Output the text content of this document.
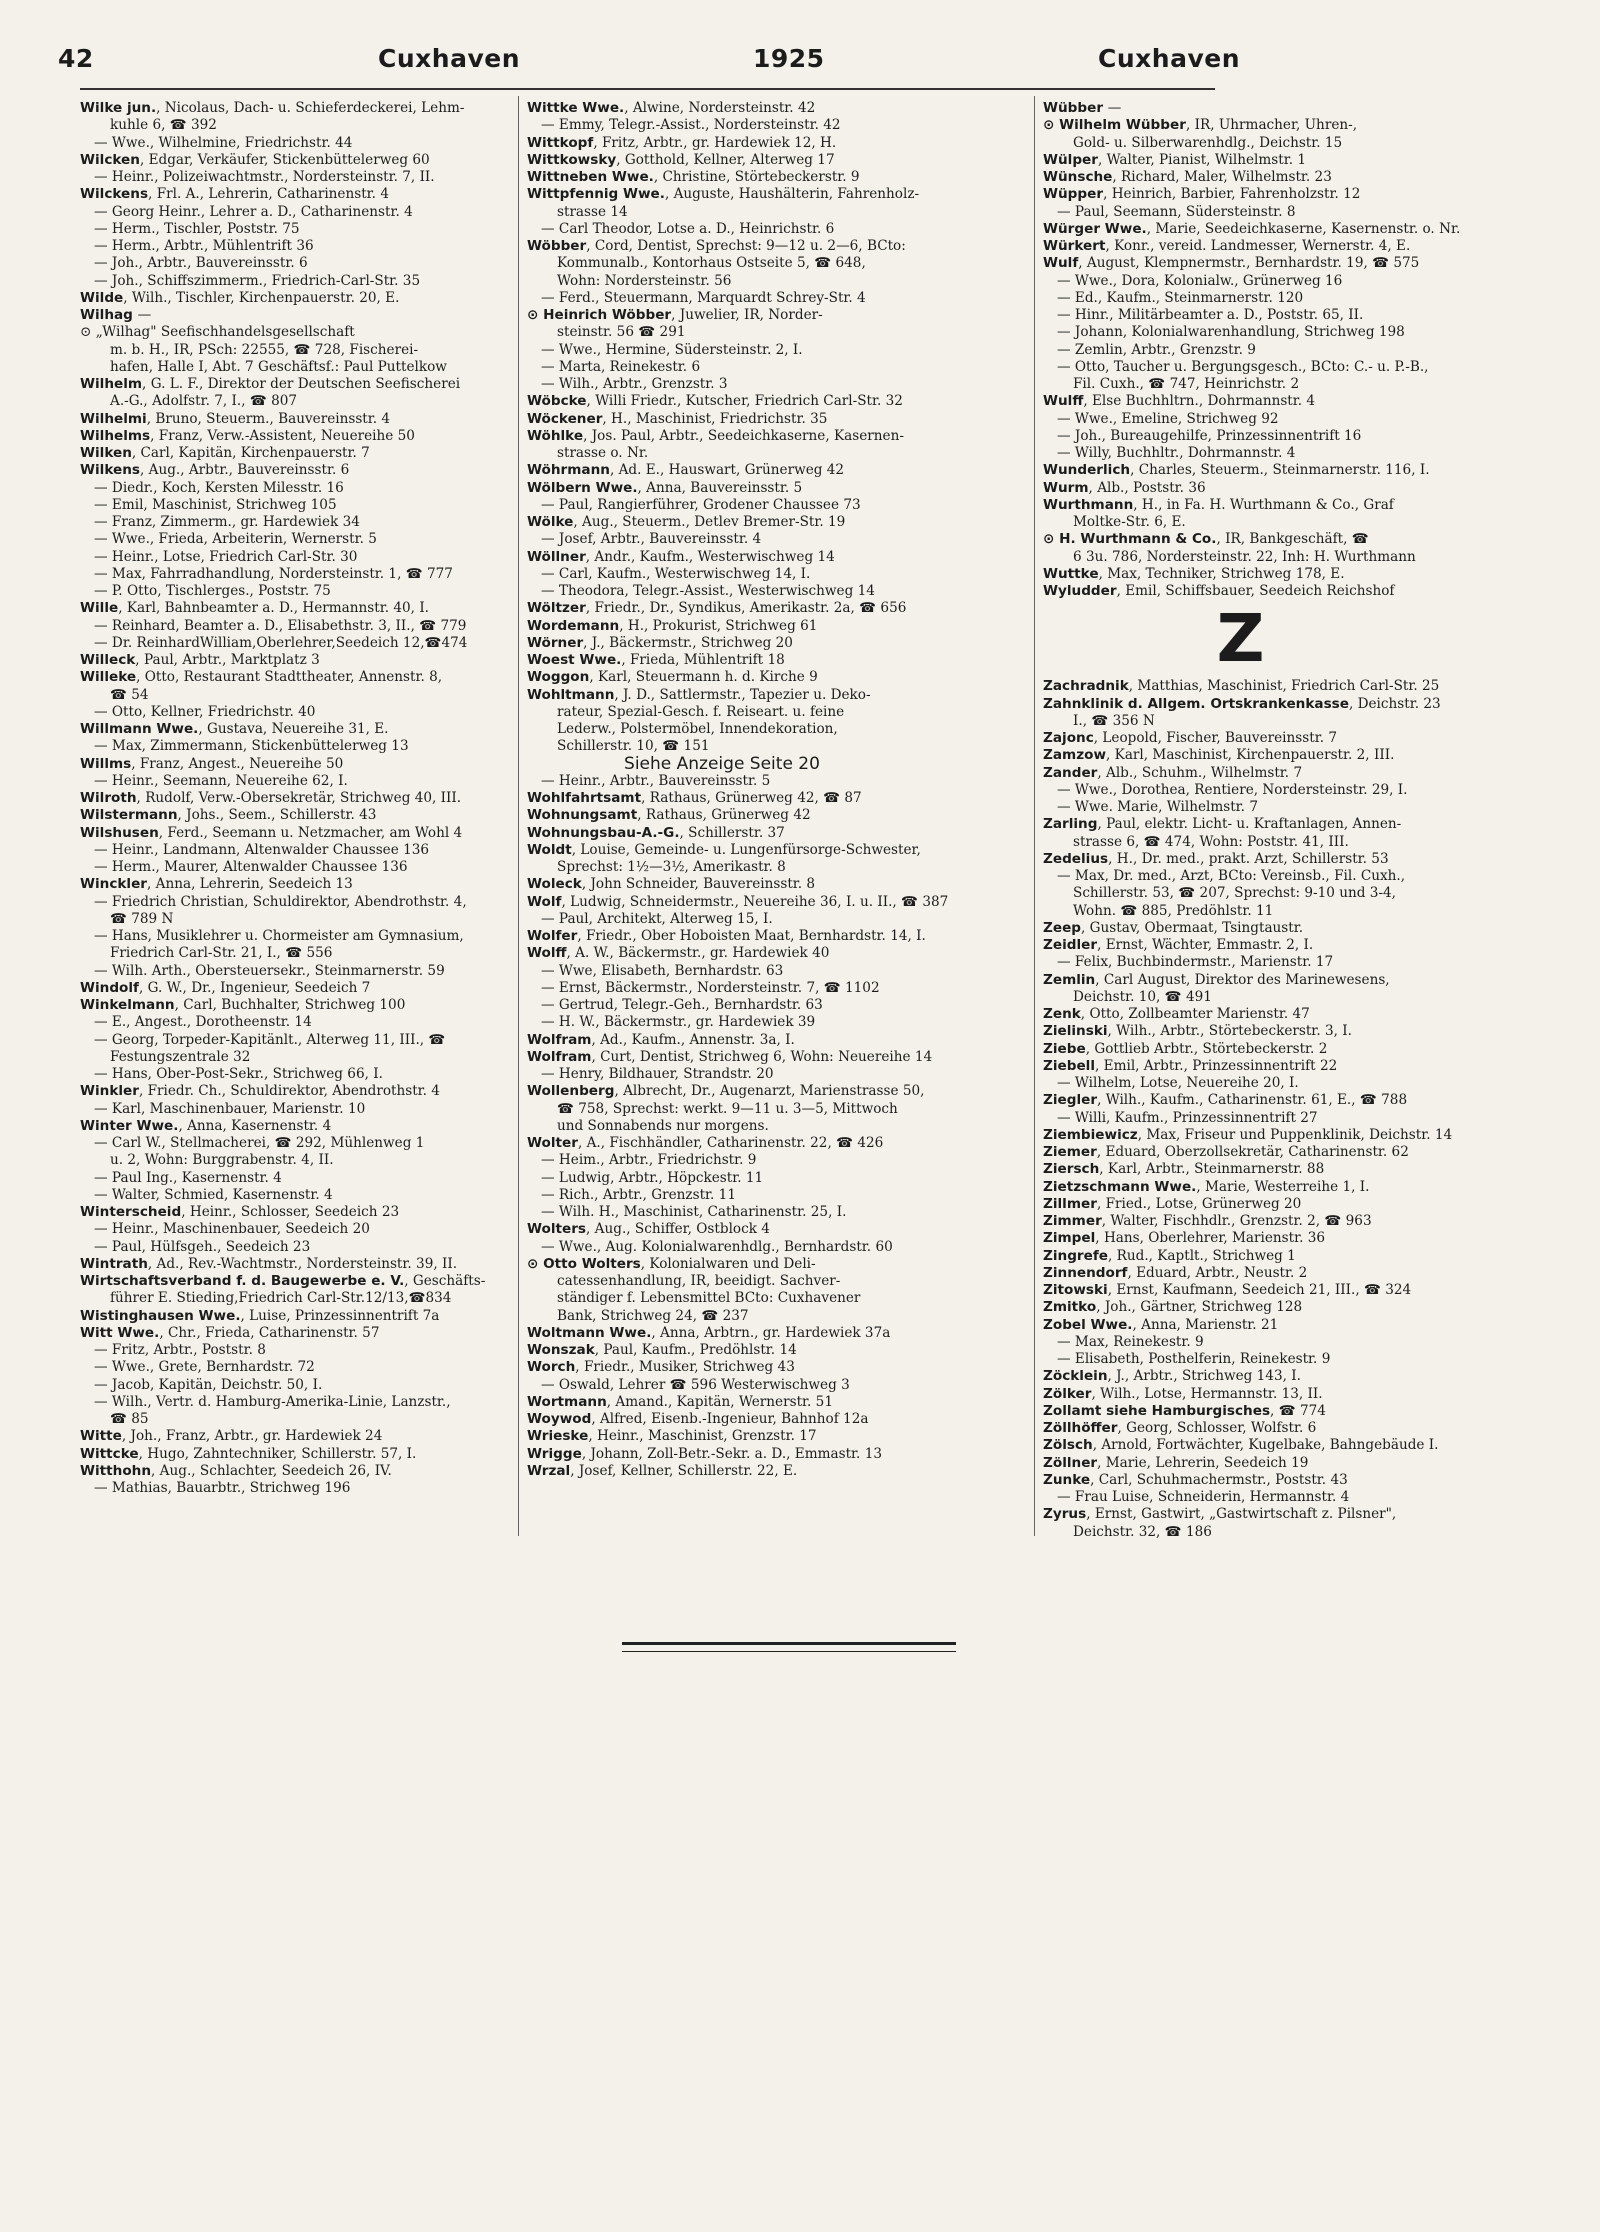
42	Cuxhaven	1925	Cuxhaven
Wilke jun., Nicolaus, Dach- u. Schieferdeckerei, Lehm-
kuhle 6, ☎ 392
— Wwe., Wilhelmine, Friedrichstr. 44
Wilcken, Edgar, Verkäufer, Stickenbüttelerweg 60
— Heinr., Polizeiwachtmstr., Nordersteinstr. 7, II.
Wilckens, Frl. A., Lehrerin, Catharinenstr. 4
— Georg Heinr., Lehrer a. D., Catharinenstr. 4
— Herm., Tischler, Poststr. 75
— Herm., Arbtr., Mühlentrift 36
— Joh., Arbtr., Bauvereinsstr. 6
— Joh., Schiffszimmerm., Friedrich-Carl-Str. 35
Wilde, Wilh., Tischler, Kirchenpauerstr. 20, E.
Wilhag —
⊙ „Wilhag" Seefischhandelsgesellschaft
m. b. H., IR, PSch: 22555, ☎ 728, Fischerei-
hafen, Halle I, Abt. 7 Geschäftsf.: Paul Puttelkow
Wilhelm, G. L. F., Direktor der Deutschen Seefischerei
A.-G., Adolfstr. 7, I., ☎ 807
Wilhelmi, Bruno, Steuerm., Bauvereinsstr. 4
Wilhelms, Franz, Verw.-Assistent, Neuereihe 50
Wilken, Carl, Kapitän, Kirchenpauerstr. 7
Wilkens, Aug., Arbtr., Bauvereinsstr. 6
— Diedr., Koch, Kersten Milesstr. 16
— Emil, Maschinist, Strichweg 105
— Franz, Zimmerm., gr. Hardewiek 34
— Wwe., Frieda, Arbeiterin, Wernerstr. 5
— Heinr., Lotse, Friedrich Carl-Str. 30
— Max, Fahrradhandlung, Nordersteinstr. 1, ☎ 777
— P. Otto, Tischlerges., Poststr. 75
Wille, Karl, Bahnbeamter a. D., Hermannstr. 40, I.
— Reinhard, Beamter a. D., Elisabethstr. 3, II., ☎ 779
— Dr. ReinhardWilliam,Oberlehrer,Seedeich 12,☎474
Willeck, Paul, Arbtr., Marktplatz 3
Willeke, Otto, Restaurant Stadttheater, Annenstr. 8,
☎ 54
— Otto, Kellner, Friedrichstr. 40
Willmann Wwe., Gustava, Neuereihe 31, E.
— Max, Zimmermann, Stickenbüttelerweg 13
Willms, Franz, Angest., Neuereihe 50
— Heinr., Seemann, Neuereihe 62, I.
Wilroth, Rudolf, Verw.-Obersekretär, Strichweg 40, III.
Wilstermann, Johs., Seem., Schillerstr. 43
Wilshusen, Ferd., Seemann u. Netzmacher, am Wohl 4
— Heinr., Landmann, Altenwalder Chaussee 136
— Herm., Maurer, Altenwalder Chaussee 136
Winckler, Anna, Lehrerin, Seedeich 13
— Friedrich Christian, Schuldirektor, Abendrothstr. 4,
☎ 789 N
— Hans, Musiklehrer u. Chormeister am Gymnasium,
Friedrich Carl-Str. 21, I., ☎ 556
— Wilh. Arth., Obersteuersekr., Steinmarnerstr. 59
Windolf, G. W., Dr., Ingenieur, Seedeich 7
Winkelmann, Carl, Buchhalter, Strichweg 100
— E., Angest., Dorotheenstr. 14
— Georg, Torpeder-Kapitänlt., Alterweg 11, III., ☎
Festungszentrale 32
— Hans, Ober-Post-Sekr., Strichweg 66, I.
Winkler, Friedr. Ch., Schuldirektor, Abendrothstr. 4
— Karl, Maschinenbauer, Marienstr. 10
Winter Wwe., Anna, Kasernenstr. 4
— Carl W., Stellmacherei, ☎ 292, Mühlenweg 1
u. 2, Wohn: Burggrabenstr. 4, II.
— Paul Ing., Kasernenstr. 4
— Walter, Schmied, Kasernenstr. 4
Winterscheid, Heinr., Schlosser, Seedeich 23
— Heinr., Maschinenbauer, Seedeich 20
— Paul, Hülfsgeh., Seedeich 23
Wintrath, Ad., Rev.-Wachtmstr., Nordersteinstr. 39, II.
Wirtschaftsverband f. d. Baugewerbe e. V., Geschäfts-
führer E. Stieding,Friedrich Carl-Str.12/13,☎834
Wistinghausen Wwe., Luise, Prinzessinnentrift 7a
Witt Wwe., Chr., Frieda, Catharinenstr. 57
— Fritz, Arbtr., Poststr. 8
— Wwe., Grete, Bernhardstr. 72
— Jacob, Kapitän, Deichstr. 50, I.
— Wilh., Vertr. d. Hamburg-Amerika-Linie, Lanzstr.,
☎ 85
Witte, Joh., Franz, Arbtr., gr. Hardewiek 24
Wittcke, Hugo, Zahntechniker, Schillerstr. 57, I.
Witthohn, Aug., Schlachter, Seedeich 26, IV.
— Mathias, Bauarbtr., Strichweg 196
Wittke Wwe., Alwine, Nordersteinstr. 42
— Emmy, Telegr.-Assist., Nordersteinstr. 42
Wittkopf, Fritz, Arbtr., gr. Hardewiek 12, H.
Wittkowsky, Gotthold, Kellner, Alterweg 17
Wittneben Wwe., Christine, Störtebeckerstr. 9
Wittpfennig Wwe., Auguste, Haushälterin, Fahrenholz-
strasse 14
— Carl Theodor, Lotse a. D., Heinrichstr. 6
Wöbber, Cord, Dentist, Sprechst: 9—12 u. 2—6, BCto:
Kommunalb., Kontorhaus Ostseite 5, ☎ 648,
Wohn: Nordersteinstr. 56
— Ferd., Steuermann, Marquardt Schrey-Str. 4
⊙ Heinrich Wöbber, Juwelier, IR, Norder-
steinstr. 56 ☎ 291
— Wwe., Hermine, Südersteinstr. 2, I.
— Marta, Reinekestr. 6
— Wilh., Arbtr., Grenzstr. 3
Wöbcke, Willi Friedr., Kutscher, Friedrich Carl-Str. 32
Wöckener, H., Maschinist, Friedrichstr. 35
Wöhlke, Jos. Paul, Arbtr., Seedeichkaserne, Kasernen-
strasse o. Nr.
Wöhrmann, Ad. E., Hauswart, Grünerweg 42
Wölbern Wwe., Anna, Bauvereinsstr. 5
— Paul, Rangierführer, Grodener Chaussee 73
Wölke, Aug., Steuerm., Detlev Bremer-Str. 19
— Josef, Arbtr., Bauvereinsstr. 4
Wöllner, Andr., Kaufm., Westerwischweg 14
— Carl, Kaufm., Westerwischweg 14, I.
— Theodora, Telegr.-Assist., Westerwischweg 14
Wöltzer, Friedr., Dr., Syndikus, Amerikastr. 2a, ☎ 656
Wordemann, H., Prokurist, Strichweg 61
Wörner, J., Bäckermstr., Strichweg 20
Woest Wwe., Frieda, Mühlentrift 18
Woggon, Karl, Steuermann h. d. Kirche 9
Wohltmann, J. D., Sattlermstr., Tapezier u. Deko-
rateur, Spezial-Gesch. f. Reiseart. u. feine
Lederw., Polstermöbel, Innendekoration,
Schillerstr. 10, ☎ 151
Siehe Anzeige Seite 20
— Heinr., Arbtr., Bauvereinsstr. 5
Wohlfahrtsamt, Rathaus, Grünerweg 42, ☎ 87
Wohnungsamt, Rathaus, Grünerweg 42
Wohnungsbau-A.-G., Schillerstr. 37
Woldt, Louise, Gemeinde- u. Lungenfürsorge-Schwester,
Sprechst: 1½—3½, Amerikastr. 8
Woleck, John Schneider, Bauvereinsstr. 8
Wolf, Ludwig, Schneidermstr., Neuereihe 36, I. u. II., ☎ 387
— Paul, Architekt, Alterweg 15, I.
Wolfer, Friedr., Ober Hoboisten Maat, Bernhardstr. 14, I.
Wolff, A. W., Bäckermstr., gr. Hardewiek 40
— Wwe, Elisabeth, Bernhardstr. 63
— Ernst, Bäckermstr., Nordersteinstr. 7, ☎ 1102
— Gertrud, Telegr.-Geh., Bernhardstr. 63
— H. W., Bäckermstr., gr. Hardewiek 39
Wolfram, Ad., Kaufm., Annenstr. 3a, I.
Wolfram, Curt, Dentist, Strichweg 6, Wohn: Neuereihe 14
— Henry, Bildhauer, Strandstr. 20
Wollenberg, Albrecht, Dr., Augenarzt, Marienstrasse 50,
☎ 758, Sprechst: werkt. 9—11 u. 3—5, Mittwoch
und Sonnabends nur morgens.
Wolter, A., Fischhändler, Catharinenstr. 22, ☎ 426
— Heim., Arbtr., Friedrichstr. 9
— Ludwig, Arbtr., Höpckestr. 11
— Rich., Arbtr., Grenzstr. 11
— Wilh. H., Maschinist, Catharinenstr. 25, I.
Wolters, Aug., Schiffer, Ostblock 4
— Wwe., Aug. Kolonialwarenhdlg., Bernhardstr. 60
⊙ Otto Wolters, Kolonialwaren und Deli-
catessenhandlung, IR, beeidigt. Sachver-
ständiger f. Lebensmittel BCto: Cuxhavener
Bank, Strichweg 24, ☎ 237
Woltmann Wwe., Anna, Arbtrn., gr. Hardewiek 37a
Wonszak, Paul, Kaufm., Predöhlstr. 14
Worch, Friedr., Musiker, Strichweg 43
— Oswald, Lehrer ☎ 596 Westerwischweg 3
Wortmann, Amand., Kapitän, Wernerstr. 51
Woywod, Alfred, Eisenb.-Ingenieur, Bahnhof 12a
Wrieske, Heinr., Maschinist, Grenzstr. 17
Wrigge, Johann, Zoll-Betr.-Sekr. a. D., Emmastr. 13
Wrzal, Josef, Kellner, Schillerstr. 22, E.
Wübber —
⊙ Wilhelm Wübber, IR, Uhrmacher, Uhren-,
Gold- u. Silberwarenhdlg., Deichstr. 15
Wülper, Walter, Pianist, Wilhelmstr. 1
Wünsche, Richard, Maler, Wilhelmstr. 23
Wüpper, Heinrich, Barbier, Fahrenholzstr. 12
— Paul, Seemann, Südersteinstr. 8
Würger Wwe., Marie, Seedeichkaserne, Kasernenstr. o. Nr.
Würkert, Konr., vereid. Landmesser, Wernerstr. 4, E.
Wulf, August, Klempnermstr., Bernhardstr. 19, ☎ 575
— Wwe., Dora, Kolonialw., Grünerweg 16
— Ed., Kaufm., Steinmarnerstr. 120
— Hinr., Militärbeamter a. D., Poststr. 65, II.
— Johann, Kolonialwarenhandlung, Strichweg 198
— Zemlin, Arbtr., Grenzstr. 9
— Otto, Taucher u. Bergungsgesch., BCto: C.- u. P.-B.,
Fil. Cuxh., ☎ 747, Heinrichstr. 2
Wulff, Else Buchhltrn., Dohrmannstr. 4
— Wwe., Emeline, Strichweg 92
— Joh., Bureaugehilfe, Prinzessinnentrift 16
— Willy, Buchhltr., Dohrmannstr. 4
Wunderlich, Charles, Steuerm., Steinmarnerstr. 116, I.
Wurm, Alb., Poststr. 36
Wurthmann, H., in Fa. H. Wurthmann & Co., Graf
Moltke-Str. 6, E.
⊙ H. Wurthmann & Co., IR, Bankgeschäft, ☎
6 3u. 786, Nordersteinstr. 22, Inh: H. Wurthmann
Wuttke, Max, Techniker, Strichweg 178, E.
Wyludder, Emil, Schiffsbauer, Seedeich Reichshof
Z
Zachradnik, Matthias, Maschinist, Friedrich Carl-Str. 25
Zahnklinik d. Allgem. Ortskrankenkasse, Deichstr. 23
I., ☎ 356 N
Zajonc, Leopold, Fischer, Bauvereinsstr. 7
Zamzow, Karl, Maschinist, Kirchenpauerstr. 2, III.
Zander, Alb., Schuhm., Wilhelmstr. 7
— Wwe., Dorothea, Rentiere, Nordersteinstr. 29, I.
— Wwe. Marie, Wilhelmstr. 7
Zarling, Paul, elektr. Licht- u. Kraftanlagen, Annen-
strasse 6, ☎ 474, Wohn: Poststr. 41, III.
Zedelius, H., Dr. med., prakt. Arzt, Schillerstr. 53
— Max, Dr. med., Arzt, BCto: Vereinsb., Fil. Cuxh.,
Schillerstr. 53, ☎ 207, Sprechst: 9-10 und 3-4,
Wohn. ☎ 885, Predöhlstr. 11
Zeep, Gustav, Obermaat, Tsingtaustr.
Zeidler, Ernst, Wächter, Emmastr. 2, I.
— Felix, Buchbindermstr., Marienstr. 17
Zemlin, Carl August, Direktor des Marinewesens,
Deichstr. 10, ☎ 491
Zenk, Otto, Zollbeamter Marienstr. 47
Zielinski, Wilh., Arbtr., Störtebeckerstr. 3, I.
Ziebe, Gottlieb Arbtr., Störtebeckerstr. 2
Ziebell, Emil, Arbtr., Prinzessinnentrift 22
— Wilhelm, Lotse, Neuereihe 20, I.
Ziegler, Wilh., Kaufm., Catharinenstr. 61, E., ☎ 788
— Willi, Kaufm., Prinzessinnentrift 27
Ziembiewicz, Max, Friseur und Puppenklinik, Deichstr. 14
Ziemer, Eduard, Oberzollsekretär, Catharinenstr. 62
Ziersch, Karl, Arbtr., Steinmarnerstr. 88
Zietzschmann Wwe., Marie, Westerreihe 1, I.
Zillmer, Fried., Lotse, Grünerweg 20
Zimmer, Walter, Fischhdlr., Grenzstr. 2, ☎ 963
Zimpel, Hans, Oberlehrer, Marienstr. 36
Zingrefe, Rud., Kaptlt., Strichweg 1
Zinnendorf, Eduard, Arbtr., Neustr. 2
Zitowski, Ernst, Kaufmann, Seedeich 21, III., ☎ 324
Zmitko, Joh., Gärtner, Strichweg 128
Zobel Wwe., Anna, Marienstr. 21
— Max, Reinekestr. 9
— Elisabeth, Posthelferin, Reinekestr. 9
Zöcklein, J., Arbtr., Strichweg 143, I.
Zölker, Wilh., Lotse, Hermannstr. 13, II.
Zollamt siehe Hamburgisches, ☎ 774
Zöllhöffer, Georg, Schlosser, Wolfstr. 6
Zölsch, Arnold, Fortwächter, Kugelbake, Bahngebäude I.
Zöllner, Marie, Lehrerin, Seedeich 19
Zunke, Carl, Schuhmachermstr., Poststr. 43
— Frau Luise, Schneiderin, Hermannstr. 4
Zyrus, Ernst, Gastwirt, „Gastwirtschaft z. Pilsner",
Deichstr. 32, ☎ 186
